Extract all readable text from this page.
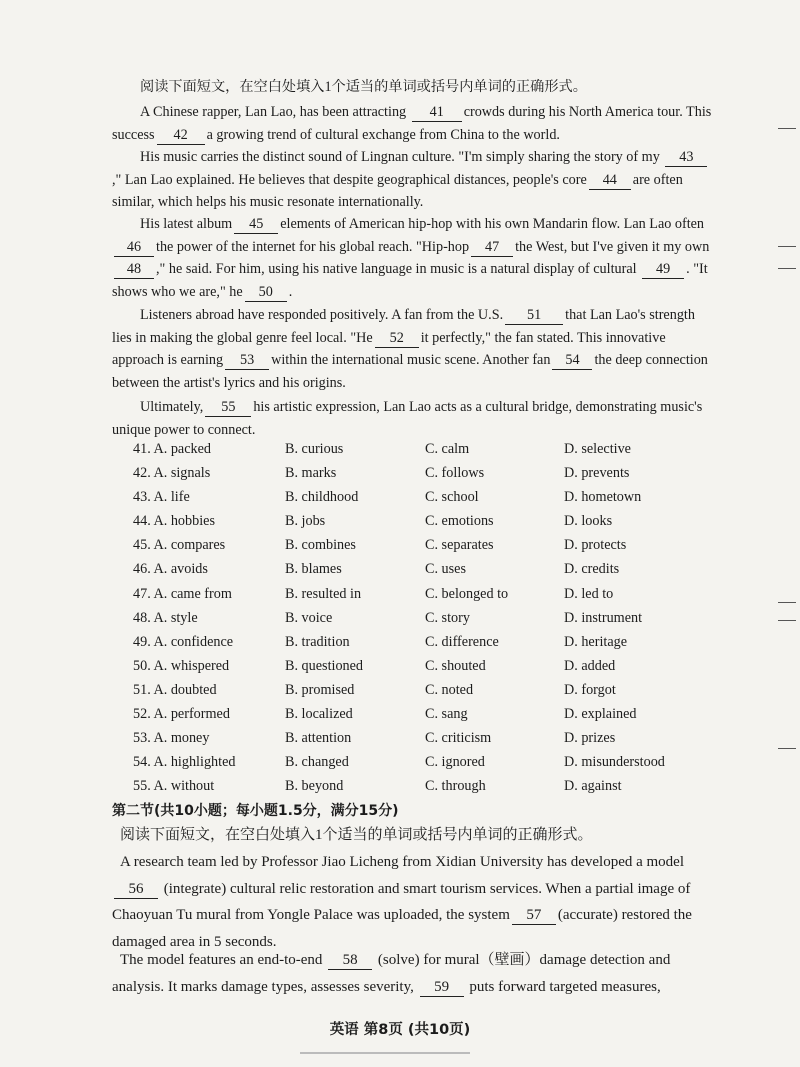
阅读下面短文，在空白处填入1个适当的单词或括号内单词的正确形式。

A Chinese rapper, Lan Lao, has been attracting 41 crowds during his North America tour. This success 42 a growing trend of cultural exchange from China to the world.

His music carries the distinct sound of Lingnan culture. "I'm simply sharing the story of my 43," Lan Lao explained. He believes that despite geographical distances, people's core 44 are often similar, which helps his music resonate internationally.

His latest album 45 elements of American hip-hop with his own Mandarin flow. Lan Lao often46 the power of the internet for his global reach. "Hip-hop 47 the West, but I've given it my own48 ," he said. For him, using his native language in music is a natural display of cultural 49 . "It shows who we are," he 50 .

Listeners abroad have responded positively. A fan from the U.S. 51 that Lan Lao's strength lies in making the global genre feel local. "He 52 it perfectly," the fan stated. This innovative approach is earning 53 within the international music scene. Another fan 54 the deep connection between the artist's lyrics and his origins.

Ultimately, 55 his artistic expression, Lan Lao acts as a cultural bridge, demonstrating music's unique power to connect.

41. A. packed	B. curious	C. calm	D. selective
42. A. signals	B. marks	C. follows	D. prevents
43. A. life	B. childhood	C. school	D. hometown
44. A. hobbies	B. jobs	C. emotions	D. looks
45. A. compares	B. combines	C. separates	D. protects
46. A. avoids	B. blames	C. uses	D. credits
47. A. came from	B. resulted in	C. belonged to	D. led to
48. A. style	B. voice	C. story	D. instrument
49. A. confidence	B. tradition	C. difference	D. heritage
50. A. whispered	B. questioned	C. shouted	D. added
51. A. doubted	B. promised	C. noted	D. forgot
52. A. performed	B. localized	C. sang	D. explained
53. A. money	B. attention	C. criticism	D. prizes
54. A. highlighted	B. changed	C. ignored	D. misunderstood
55. A. without	B. beyond	C. through	D. against
第二节(共10小题；每小题1.5分，满分15分)

阅读下面短文，在空白处填入1个适当的单词或括号内单词的正确形式。

A research team led by Professor Jiao Licheng from Xidian University has developed a model 56 (integrate) cultural relic restoration and smart tourism services. When a partial image of Chaoyuan Tu mural from Yongle Palace was uploaded, the system 57 (accurate) restored the damaged area in 5 seconds.

The model features an end-to-end 58 (solve) for mural（壁画）damage detection and analysis. It marks damage types, assesses severity, 59 puts forward targeted measures,

英语 第8页 (共10页)
